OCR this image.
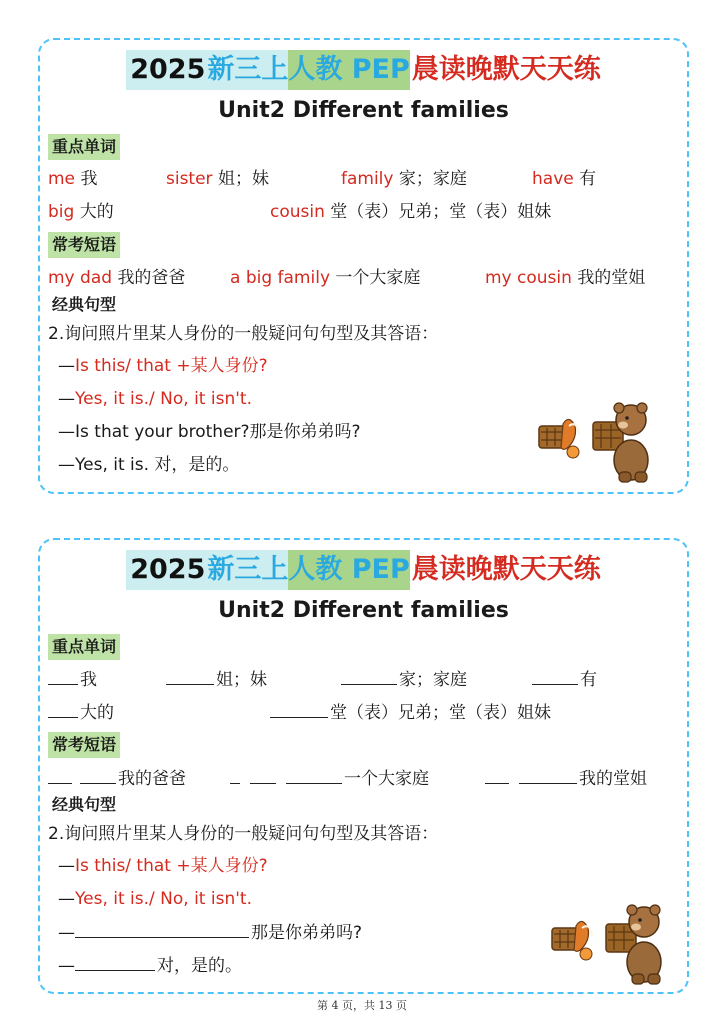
2025新三上人教 PEP晨读晚默天天练
Unit2 Different families
重点单词
me 我	sister 姐；妹	family 家；家庭	have 有
big 大的	cousin 堂（表）兄弟；堂（表）姐妹
常考短语
my dad 我的爸爸	a big family 一个大家庭	my cousin 我的堂姐
经典句型
2.询问照片里某人身份的一般疑问句句型及其答语：
—Is this/ that +某人身份?
—Yes, it is./ No, it isn't.
—Is that your brother?那是你弟弟吗?
—Yes, it is. 对，是的。
2025新三上人教 PEP晨读晚默天天练
Unit2 Different families
重点单词
我	姐；妹	家；家庭	有
大的	堂（表）兄弟；堂（表）姐妹
常考短语
我的爸爸	一个大家庭	我的堂姐
经典句型
2.询问照片里某人身份的一般疑问句句型及其答语：
—Is this/ that +某人身份?
—Yes, it is./ No, it isn't.
—	那是你弟弟吗?
—	对，是的。
第 4 页，共 13 页
